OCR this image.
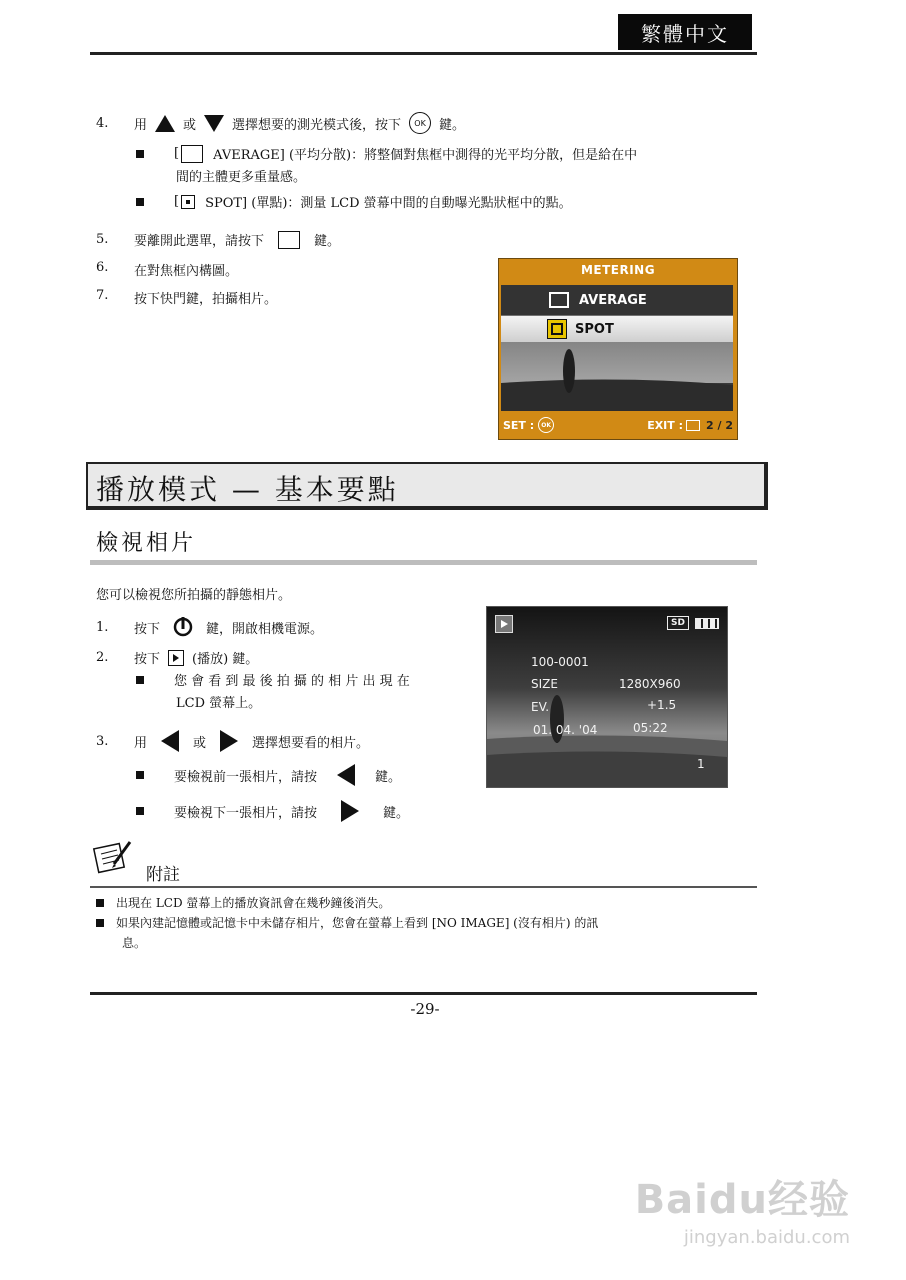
繁體中文
4.	用	或	選擇想要的測光模式後，按下	OK	鍵。
[	AVERAGE] (平均分散)：將整個對焦框中測得的光平均分散，但是給在中
間的主體更多重量感。
[ SPOT] (單點)：測量 LCD 螢幕中間的自動曝光點狀框中的點。
5.	要離開此選單，請按下	鍵。
6.	在對焦框內構圖。
7.	按下快門鍵，拍攝相片。
METERING
AVERAGE
SPOT
SET :	OK	EXIT : 2 / 2
播放模式 — 基本要點
檢視相片
您可以檢視您所拍攝的靜態相片。
1.	按下	鍵，開啟相機電源。
2.	按下 (播放) 鍵。
您 會 看 到 最 後 拍 攝 的 相 片 出 現 在
LCD 螢幕上。
3.	用	或	選擇想要看的相片。
要檢視前一張相片，請按	鍵。
要檢視下一張相片，請按	鍵。
SD
100-0001
SIZE	1280X960
EV.	+1.5
01. 04. '04	05:22
1
附註
出現在 LCD 螢幕上的播放資訊會在幾秒鐘後消失。
如果內建記憶體或記憶卡中未儲存相片，您會在螢幕上看到 [NO IMAGE] (沒有相片) 的訊
息。
-29-
Baidu经验
jingyan.baidu.com
